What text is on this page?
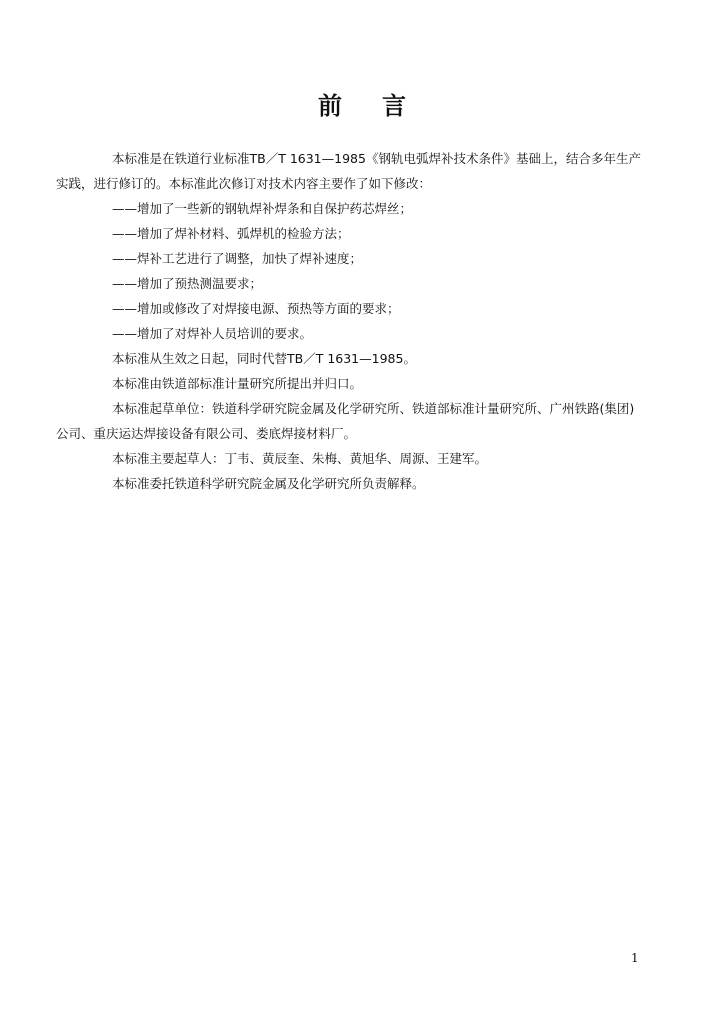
前 言

本标准是在铁道行业标准TB／T 1631—1985《钢轨电弧焊补技术条件》基础上，结合多年生产

实践，进行修订的。本标准此次修订对技术内容主要作了如下修改：

——增加了一些新的钢轨焊补焊条和自保护药芯焊丝；

——增加了焊补材料、弧焊机的检验方法；

——焊补工艺进行了调整，加快了焊补速度；

——增加了预热测温要求；

——增加或修改了对焊接电源、预热等方面的要求；

——增加了对焊补人员培训的要求。

本标准从生效之日起，同时代替TB／T 1631—1985。

本标准由铁道部标准计量研究所提出并归口。

本标准起草单位：铁道科学研究院金属及化学研究所、铁道部标准计量研究所、广州铁路(集团)

公司、重庆运达焊接设备有限公司、娄底焊接材料厂。

本标准主要起草人：丁韦、黄辰奎、朱梅、黄旭华、周源、王建军。

本标准委托铁道科学研究院金属及化学研究所负责解释。

1
